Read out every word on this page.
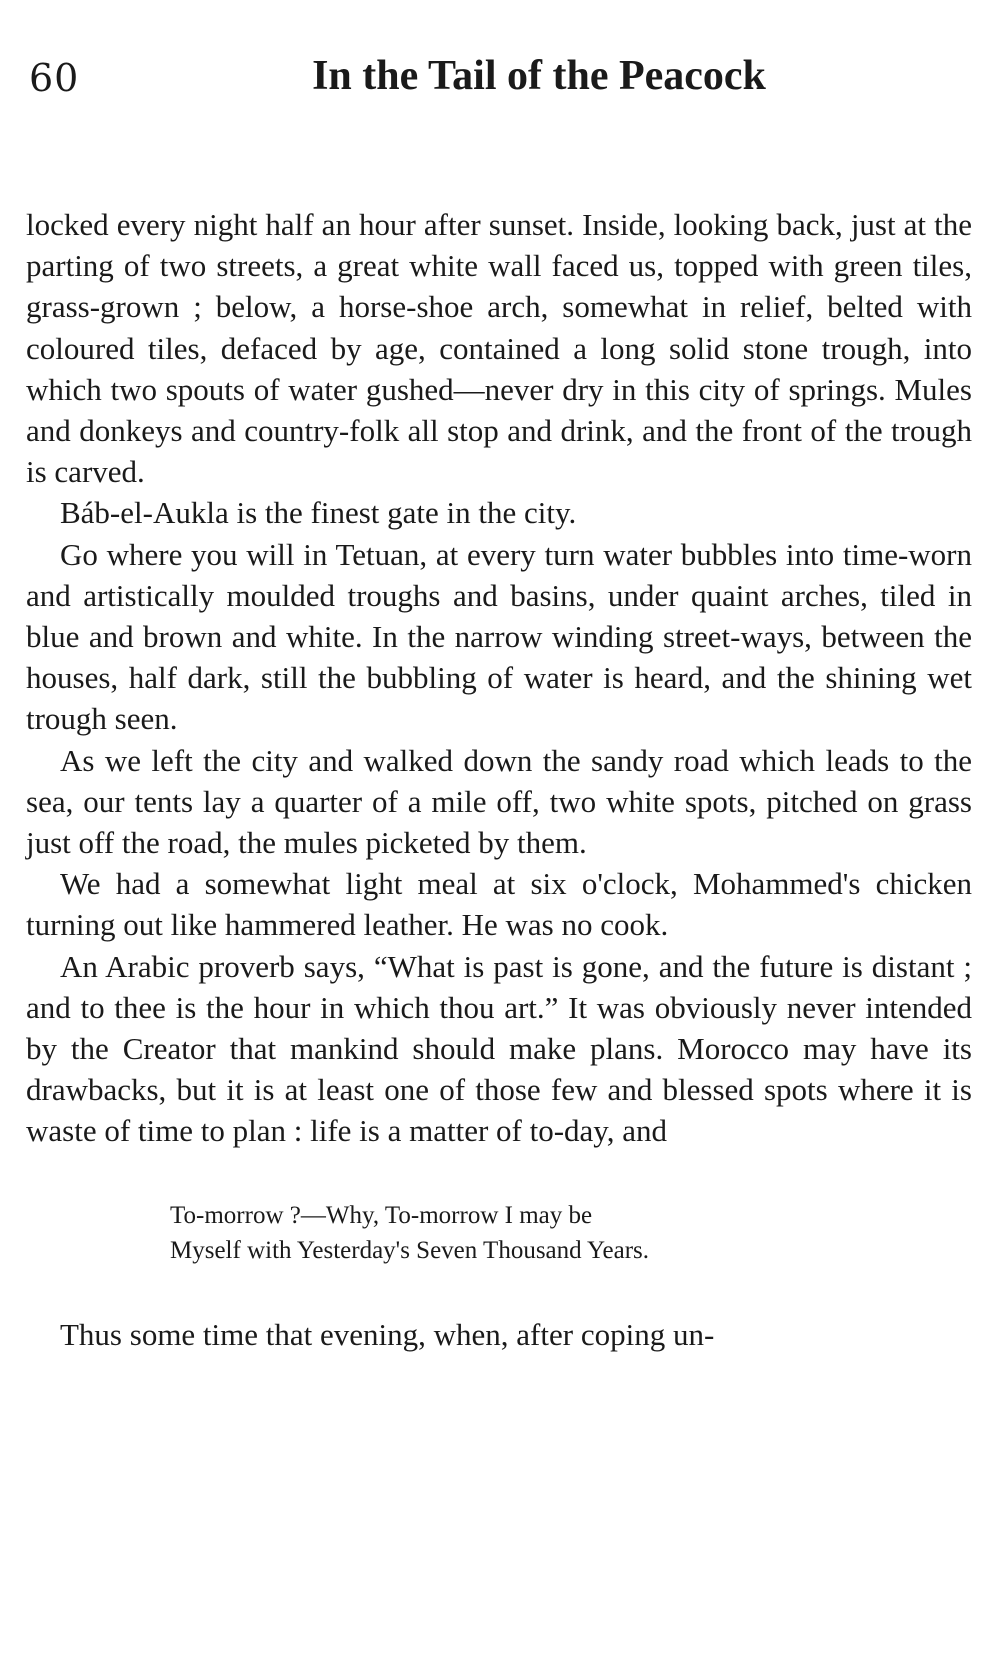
60	In the Tail of the Peacock

locked every night half an hour after sunset. Inside, looking back, just at the parting of two streets, a great white wall faced us, topped with green tiles, grass-grown ; below, a horse-shoe arch, somewhat in relief, belted with coloured tiles, defaced by age, contained a long solid stone trough, into which two spouts of water gushed—never dry in this city of springs. Mules and donkeys and country-folk all stop and drink, and the front of the trough is carved.

Báb-el-Aukla is the finest gate in the city.

Go where you will in Tetuan, at every turn water bubbles into time-worn and artistically moulded troughs and basins, under quaint arches, tiled in blue and brown and white. In the narrow winding street-ways, between the houses, half dark, still the bubbling of water is heard, and the shining wet trough seen.

As we left the city and walked down the sandy road which leads to the sea, our tents lay a quarter of a mile off, two white spots, pitched on grass just off the road, the mules picketed by them.

We had a somewhat light meal at six o'clock, Mohammed's chicken turning out like hammered leather. He was no cook.

An Arabic proverb says, “What is past is gone, and the future is distant ; and to thee is the hour in which thou art.” It was obviously never intended by the Creator that mankind should make plans. Morocco may have its drawbacks, but it is at least one of those few and blessed spots where it is waste of time to plan : life is a matter of to-day, and

To-morrow ?—Why, To-morrow I may be
Myself with Yesterday's Seven Thousand Years.

Thus some time that evening, when, after coping un-
